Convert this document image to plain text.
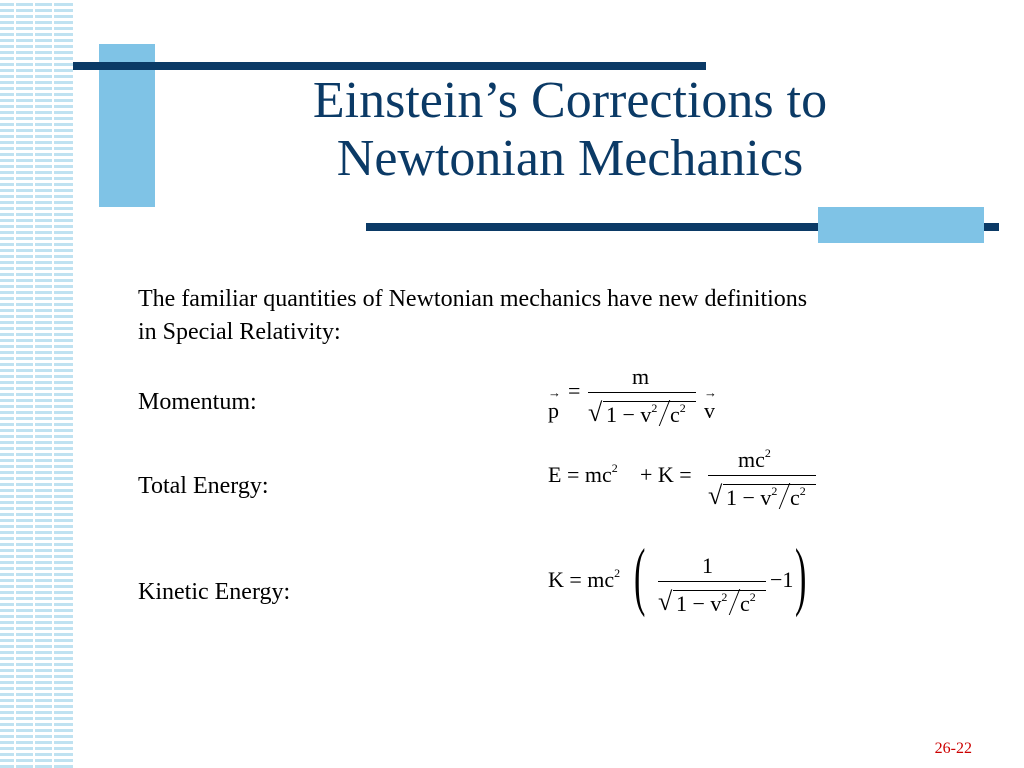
Einstein’s Corrections to Newtonian Mechanics
The familiar quantities of Newtonian mechanics have new definitions in Special Relativity:
Momentum:
Total Energy:
Kinetic Energy:
→
p
=
m
√ $1 - v^2$ $c^2$
→
v
$E = mc^2 + K$ =
$mc^2$
√ $1 - v^2$ $c^2$
$K = mc^2$ (	1
√ $1 - v^2$ $c^2$
−1 )
26-22
